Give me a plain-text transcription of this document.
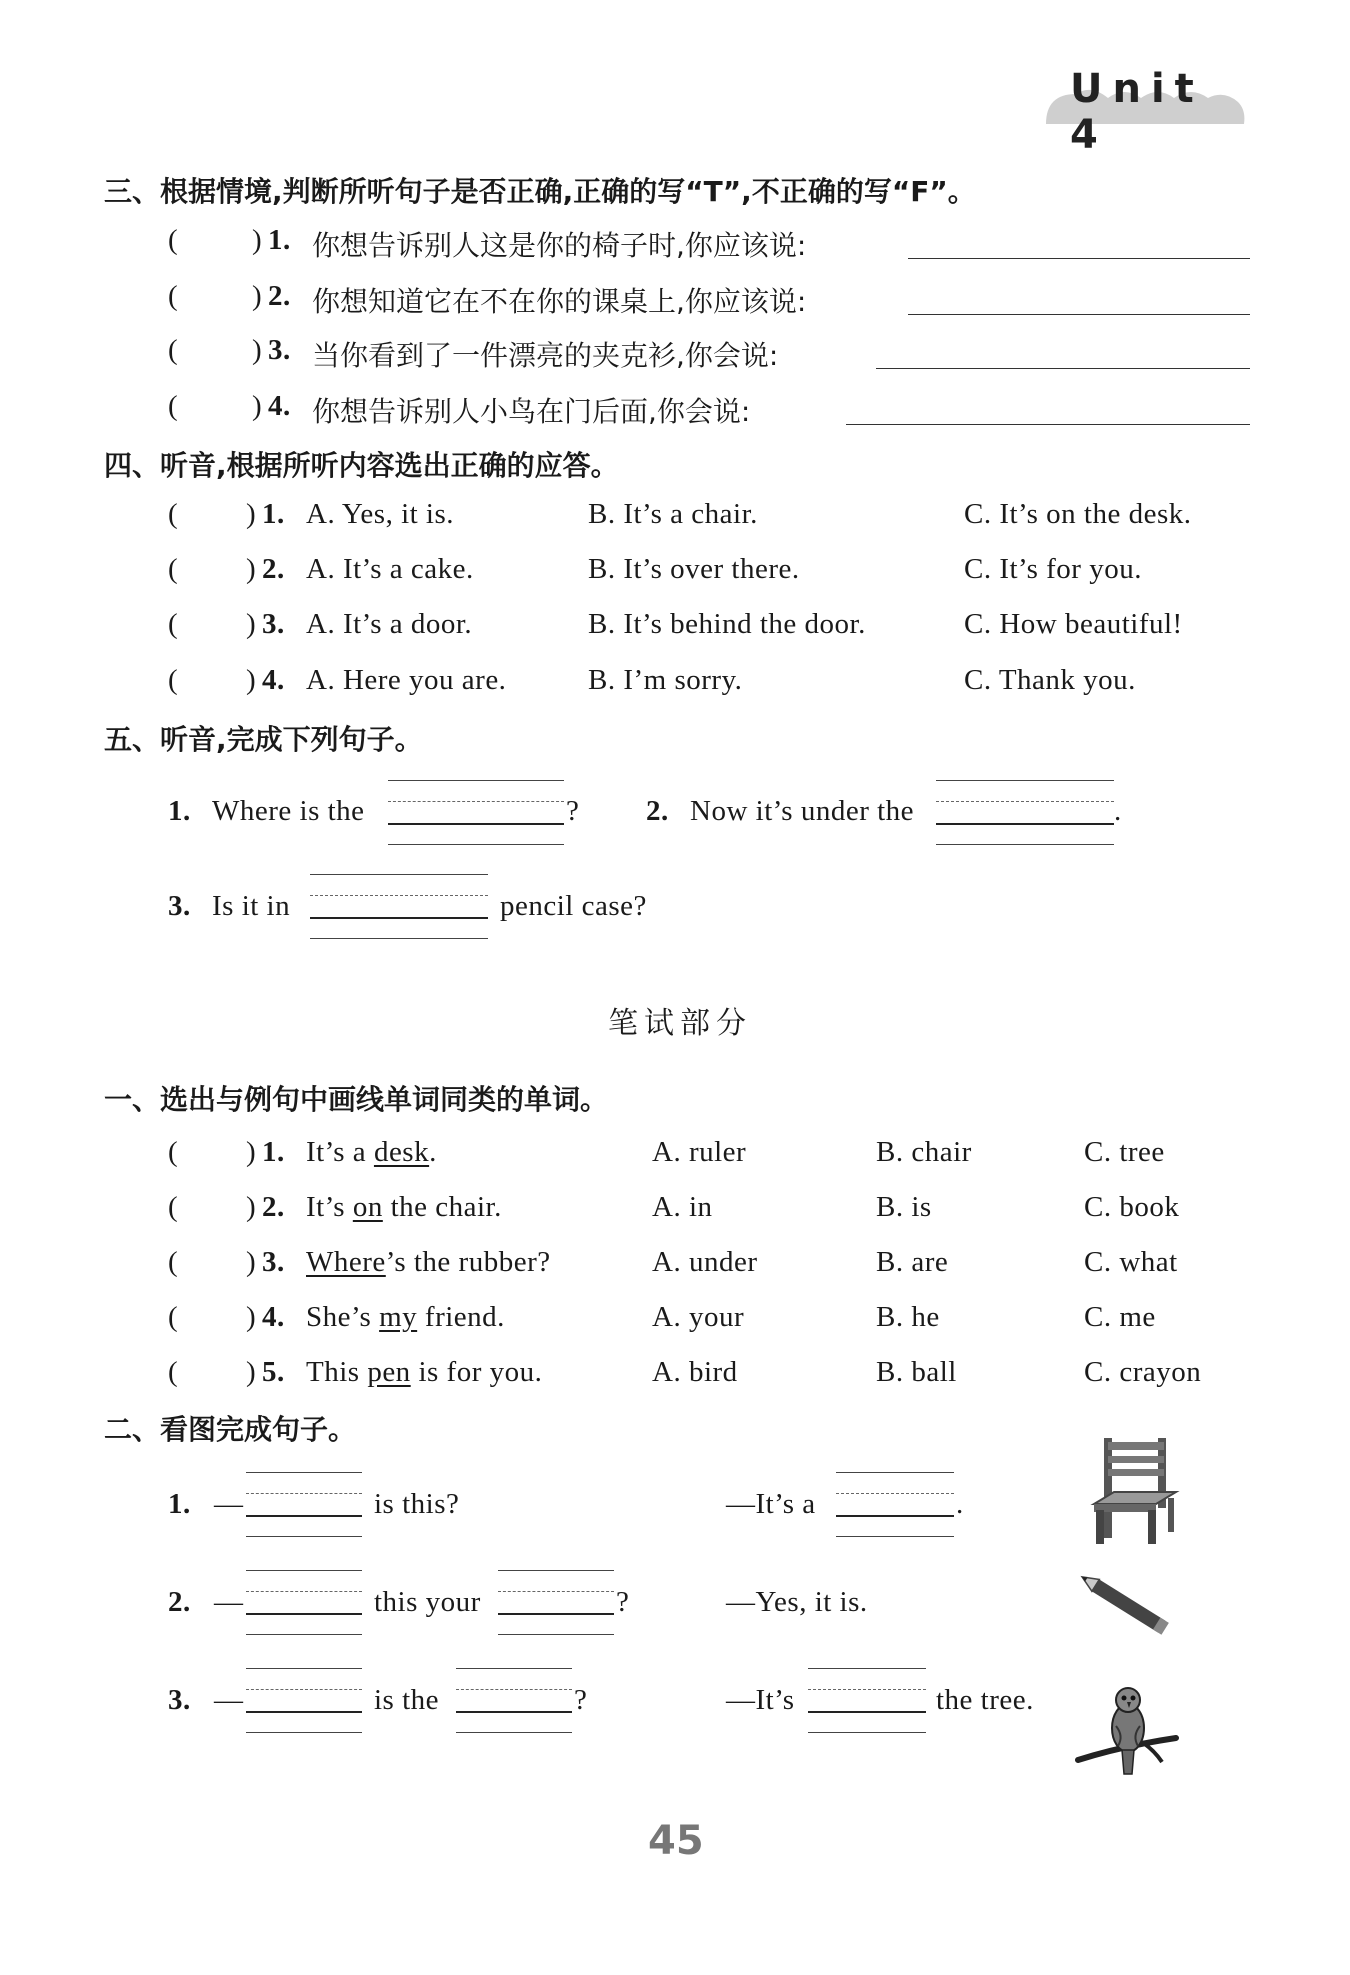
Unit 4
三、根据情境,判断所听句子是否正确,正确的写“T”,不正确的写“F”。
(	) 1. 你想告诉别人这是你的椅子时,你应该说:
(	) 2. 你想知道它在不在你的课桌上,你应该说:
(	) 3. 当你看到了一件漂亮的夹克衫,你会说:
(	) 4. 你想告诉别人小鸟在门后面,你会说:
四、听音,根据所听内容选出正确的应答。
( ) 1. A. Yes, it is.	B. It’s a chair.	C. It’s on the desk.
( ) 2. A. It’s a cake.	B. It’s over there.	C. It’s for you.
( ) 3. A. It’s a door.	B. It’s behind the door.	C. How beautiful!
( ) 4. A. Here you are.	B. I’m sorry.	C. Thank you.
五、听音,完成下列句子。
1. Where is the	? 2. Now it’s under the	.
3. Is it in	pencil case?
笔试部分
一、选出与例句中画线单词同类的单词。
( ) 1. It’s a desk.	A. ruler	B. chair	C. tree
( ) 2. It’s on the chair.	A. in	B. is	C. book
( ) 3. Where’s the rubber?	A. under	B. are	C. what
( ) 4. She’s my friend.	A. your	B. he	C. me
( ) 5. This pen is for you.	A. bird	B. ball	C. crayon
二、看图完成句子。
1. —	is this?	—It’s a	.
2. —	this your	?	—Yes, it is.
3. —	is the	?	—It’s	the tree.
45
